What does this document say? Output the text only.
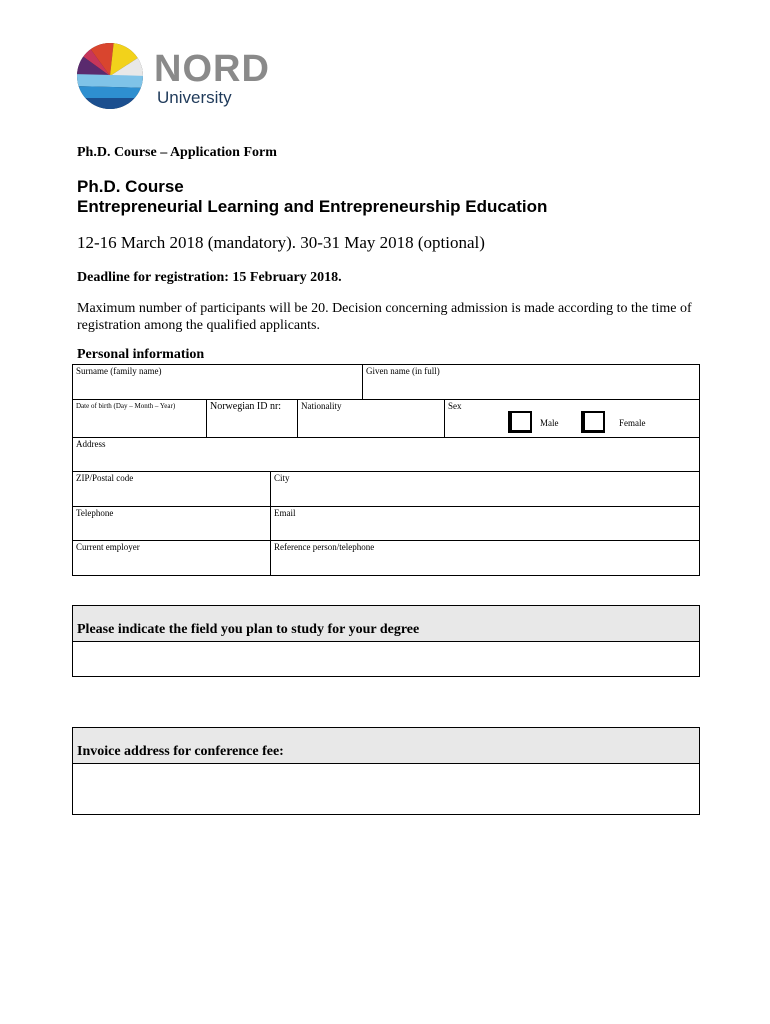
NORD
University
Ph.D. Course – Application Form
Ph.D. Course
Entrepreneurial Learning and Entrepreneurship Education
12-16 March 2018 (mandatory). 30-31 May 2018 (optional)
Deadline for registration: 15 February 2018.
Maximum number of participants will be 20. Decision concerning admission is made according to the time of registration among the qualified applicants.
Personal information
Surname (family name)	Given name (in full)
Date of birth (Day – Month – Year)	Norwegian ID nr:	Nationality	Sex
Male	Female
Address
ZIP/Postal code	City
Telephone	Email
Current employer	Reference person/telephone
Please indicate the field you plan to study for your degree
Invoice address for conference fee:
